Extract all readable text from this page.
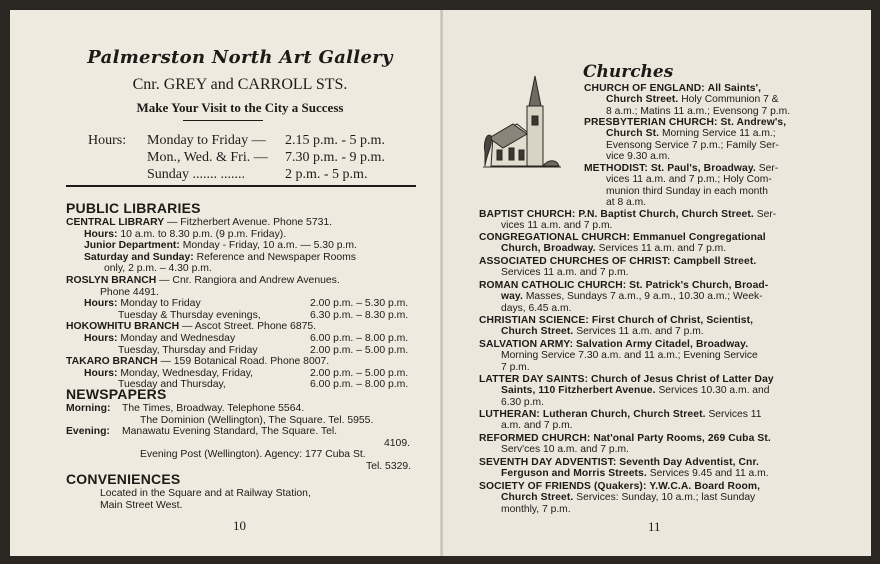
Palmerston North Art Gallery
Cnr. GREY and CARROLL STS.
Make Your Visit to the City a Success
Hours: Monday to Friday — 2.15 p.m. - 5 p.m.
Mon., Wed. & Fri. — 7.30 p.m. - 9 p.m.
Sunday ....... .......	2 p.m. - 5 p.m.
PUBLIC LIBRARIES
CENTRAL LIBRARY — Fitzherbert Avenue. Phone 5731.
Hours: 10 a.m. to 8.30 p.m. (9 p.m. Friday).
Junior Department: Monday - Friday, 10 a.m. — 5.30 p.m.
Saturday and Sunday: Reference and Newspaper Rooms
only, 2 p.m. – 4.30 p.m.
ROSLYN BRANCH — Cnr. Rangiora and Andrew Avenues.
Phone 4491.
Hours: Monday to Friday	2.00 p.m. – 5.30 p.m.
Tuesday & Thursday evenings,	6.30 p.m. – 8.30 p.m.
HOKOWHITU BRANCH — Ascot Street. Phone 6875.
Hours: Monday and Wednesday	6.00 p.m. – 8.00 p.m.
Tuesday, Thursday and Friday	2.00 p.m. – 5.00 p.m.
TAKARO BRANCH — 159 Botanical Road. Phone 8007.
Hours: Monday, Wednesday, Friday,	2.00 p.m. – 5.00 p.m.
Tuesday and Thursday,	6.00 p.m. – 8.00 p.m.
NEWSPAPERS
Morning: The Times, Broadway. Telephone 5564.
The Dominion (Wellington), The Square. Tel. 5955.
Evening: Manawatu Evening Standard, The Square. Tel.
4109.
Evening Post (Wellington). Agency: 177 Cuba St.
Tel. 5329.
CONVENIENCES
Located in the Square and at Railway Station,
Main Street West.
10
Churches
CHURCH OF ENGLAND: All Saints',
Church Street. Holy Communion 7 &
8 a.m.; Matins 11 a.m.; Evensong 7 p.m.
PRESBYTERIAN CHURCH: St. Andrew's,
Church St. Morning Service 11 a.m.;
Evensong Service 7 p.m.; Family Ser-
vice 9.30 a.m.
METHODIST: St. Paul's, Broadway. Ser-
vices 11 a.m. and 7 p.m.; Holy Com-
munion third Sunday in each month
at 8 a.m.
BAPTIST CHURCH: P.N. Baptist Church, Church Street. Ser-
vices 11 a.m. and 7 p.m.
CONGREGATIONAL CHURCH: Emmanuel Congregational
Church, Broadway. Services 11 a.m. and 7 p.m.
ASSOCIATED CHURCHES OF CHRIST: Campbell Street.
Services 11 a.m. and 7 p.m.
ROMAN CATHOLIC CHURCH: St. Patrick's Church, Broad-
way. Masses, Sundays 7 a.m., 9 a.m., 10.30 a.m.; Week-
days, 6.45 a.m.
CHRISTIAN SCIENCE: First Church of Christ, Scientist,
Church Street. Services 11 a.m. and 7 p.m.
SALVATION ARMY: Salvation Army Citadel, Broadway.
Morning Service 7.30 a.m. and 11 a.m.; Evening Service
7 p.m.
LATTER DAY SAINTS: Church of Jesus Christ of Latter Day
Saints, 110 Fitzherbert Avenue. Services 10.30 a.m. and
6.30 p.m.
LUTHERAN: Lutheran Church, Church Street. Services 11
a.m. and 7 p.m.
REFORMED CHURCH: Nat'onal Party Rooms, 269 Cuba St.
Serv'ces 10 a.m. and 7 p.m.
SEVENTH DAY ADVENTIST: Seventh Day Adventist, Cnr.
Ferguson and Morris Streets. Services 9.45 and 11 a.m.
SOCIETY OF FRIENDS (Quakers): Y.W.C.A. Board Room,
Church Street. Services: Sunday, 10 a.m.; last Sunday
monthly, 7 p.m.
11
